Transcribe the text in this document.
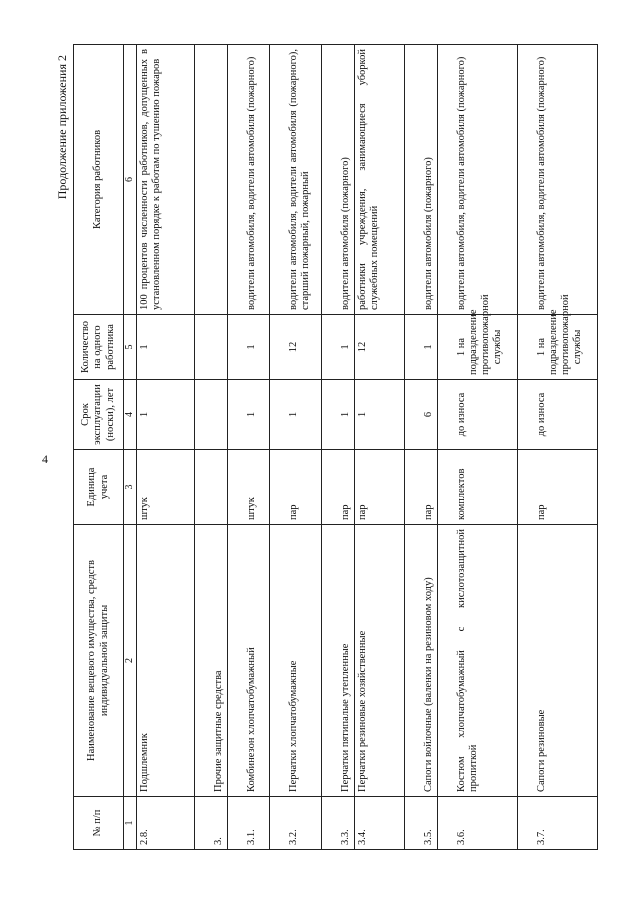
4
Продолжение приложения 2
№ п/п	Наименование вещевого имущества, средств индивидуальной защиты	Единица учета	Срок эксплуатации (носки), лет	Количество на одного работника	Категория работников
1	2	3	4	5	6
2.8.	Подшлемник	штук	1	1	100 процентов численности работников, допущенных в установленном порядке к работам по тушению пожаров
3.	Прочие защитные средства				
3.1.	Комбинезон хлопчатобумажный	штук	1	1	водители автомобиля, водители автомобиля (пожарного)
3.2.	Перчатки хлопчатобумажные	пар	1	12	водители автомобиля, водители автомобиля (пожарного), старший пожарный, пожарный
3.3.	Перчатки пятипалые утепленные	пар	1	1	водители автомобиля (пожарного)
3.4.	Перчатки резиновые хозяйственные	пар	1	12	работники учреждения, занимающиеся уборкой служебных помещений
3.5.	Сапоги войлочные (валенки на резиновом ходу)	пар	6	1	водители автомобиля (пожарного)
3.6.	Костюм хлопчатобумажный с кислотозащитной пропиткой	комплектов	до износа	1 на подразделение противопожарной службы	водители автомобиля, водители автомобиля (пожарного)
3.7.	Сапоги резиновые	пар	до износа	1 на подразделение противопожарной службы	водители автомобиля, водители автомобиля (пожарного)
